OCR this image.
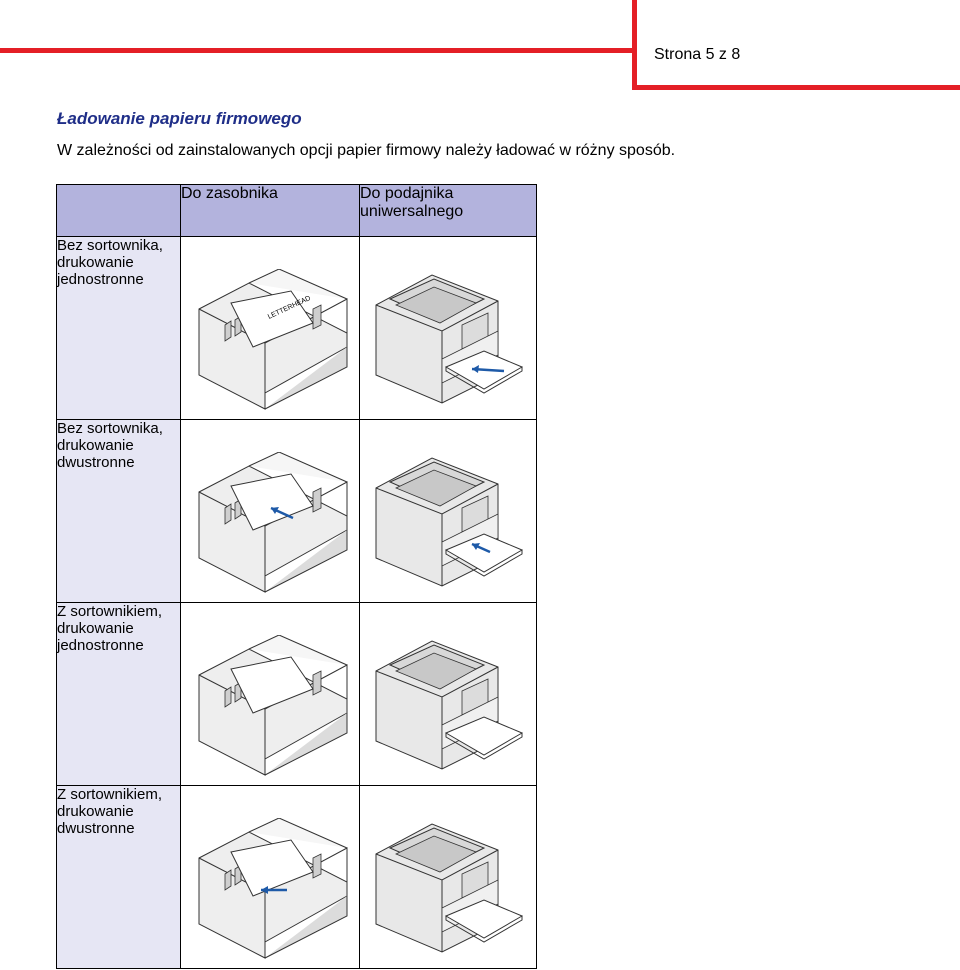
Strona 5 z 8
Ładowanie papieru firmowego
W zależności od zainstalowanych opcji papier firmowy należy ładować w różny sposób.
	Do zasobnika	Do podajnika uniwersalnego
Bez sortownika, drukowanie jednostronne	LETTERHEAD

Bez sortownika, drukowanie dwustronne	

Z sortownikiem, drukowanie jednostronne	

Z sortownikiem, drukowanie dwustronne	
